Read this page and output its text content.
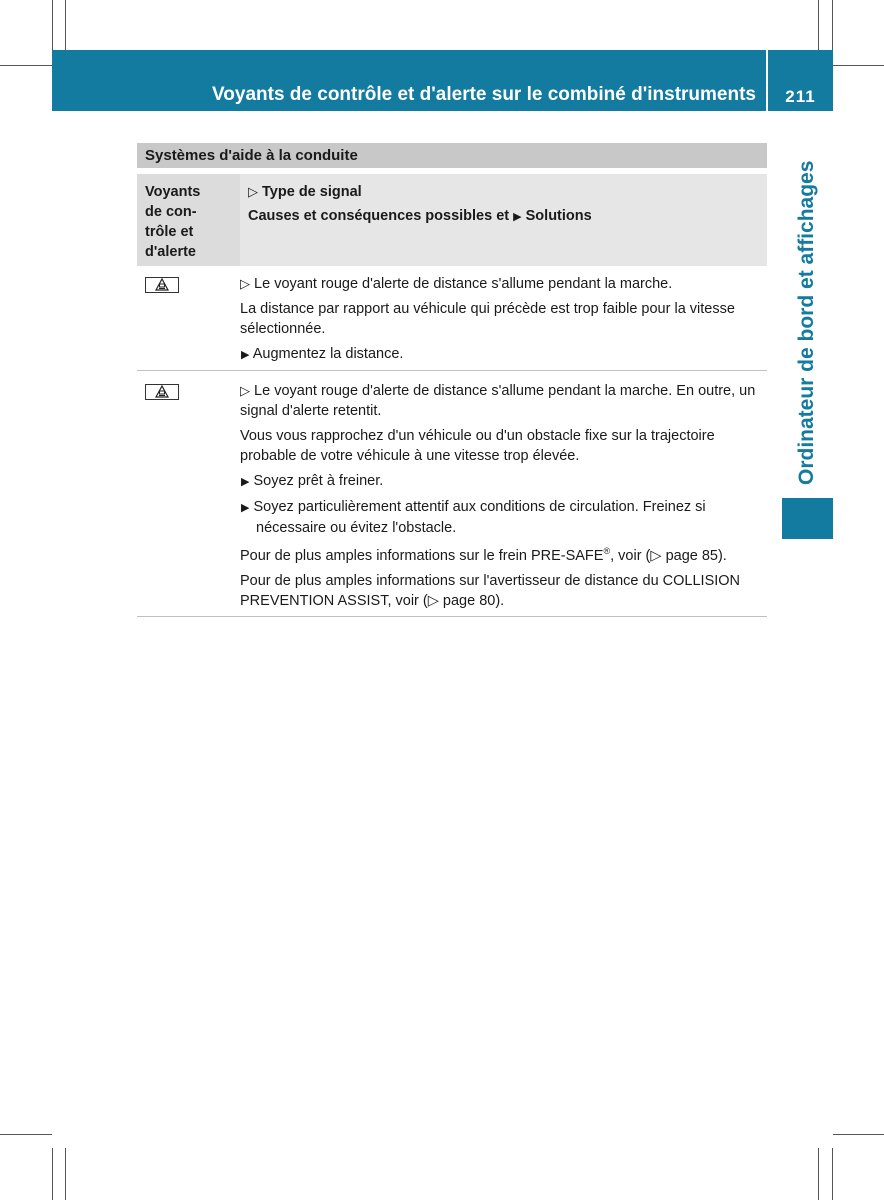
Voyants de contrôle et d'alerte sur le combiné d'instruments	211
Ordinateur de bord et affichages
Systèmes d'aide à la conduite
Voyants
de con-
trôle et
d'alerte
▷ Type de signal
Causes et conséquences possibles et ▶ Solutions

▷ Le voyant rouge d'alerte de distance s'allume pendant la marche.

La distance par rapport au véhicule qui précède est trop faible pour la vitesse sélectionnée.

▶ Augmentez la distance.

▷ Le voyant rouge d'alerte de distance s'allume pendant la marche. En outre, un signal d'alerte retentit.

Vous vous rapprochez d'un véhicule ou d'un obstacle fixe sur la trajectoire probable de votre véhicule à une vitesse trop élevée.

▶ Soyez prêt à freiner.

▶ Soyez particulièrement attentif aux conditions de circulation. Freinez si nécessaire ou évitez l'obstacle.

Pour de plus amples informations sur le frein PRE-SAFE®, voir (▷ page 85).

Pour de plus amples informations sur l'avertisseur de distance du COLLISION PREVENTION ASSIST, voir (▷ page 80).
